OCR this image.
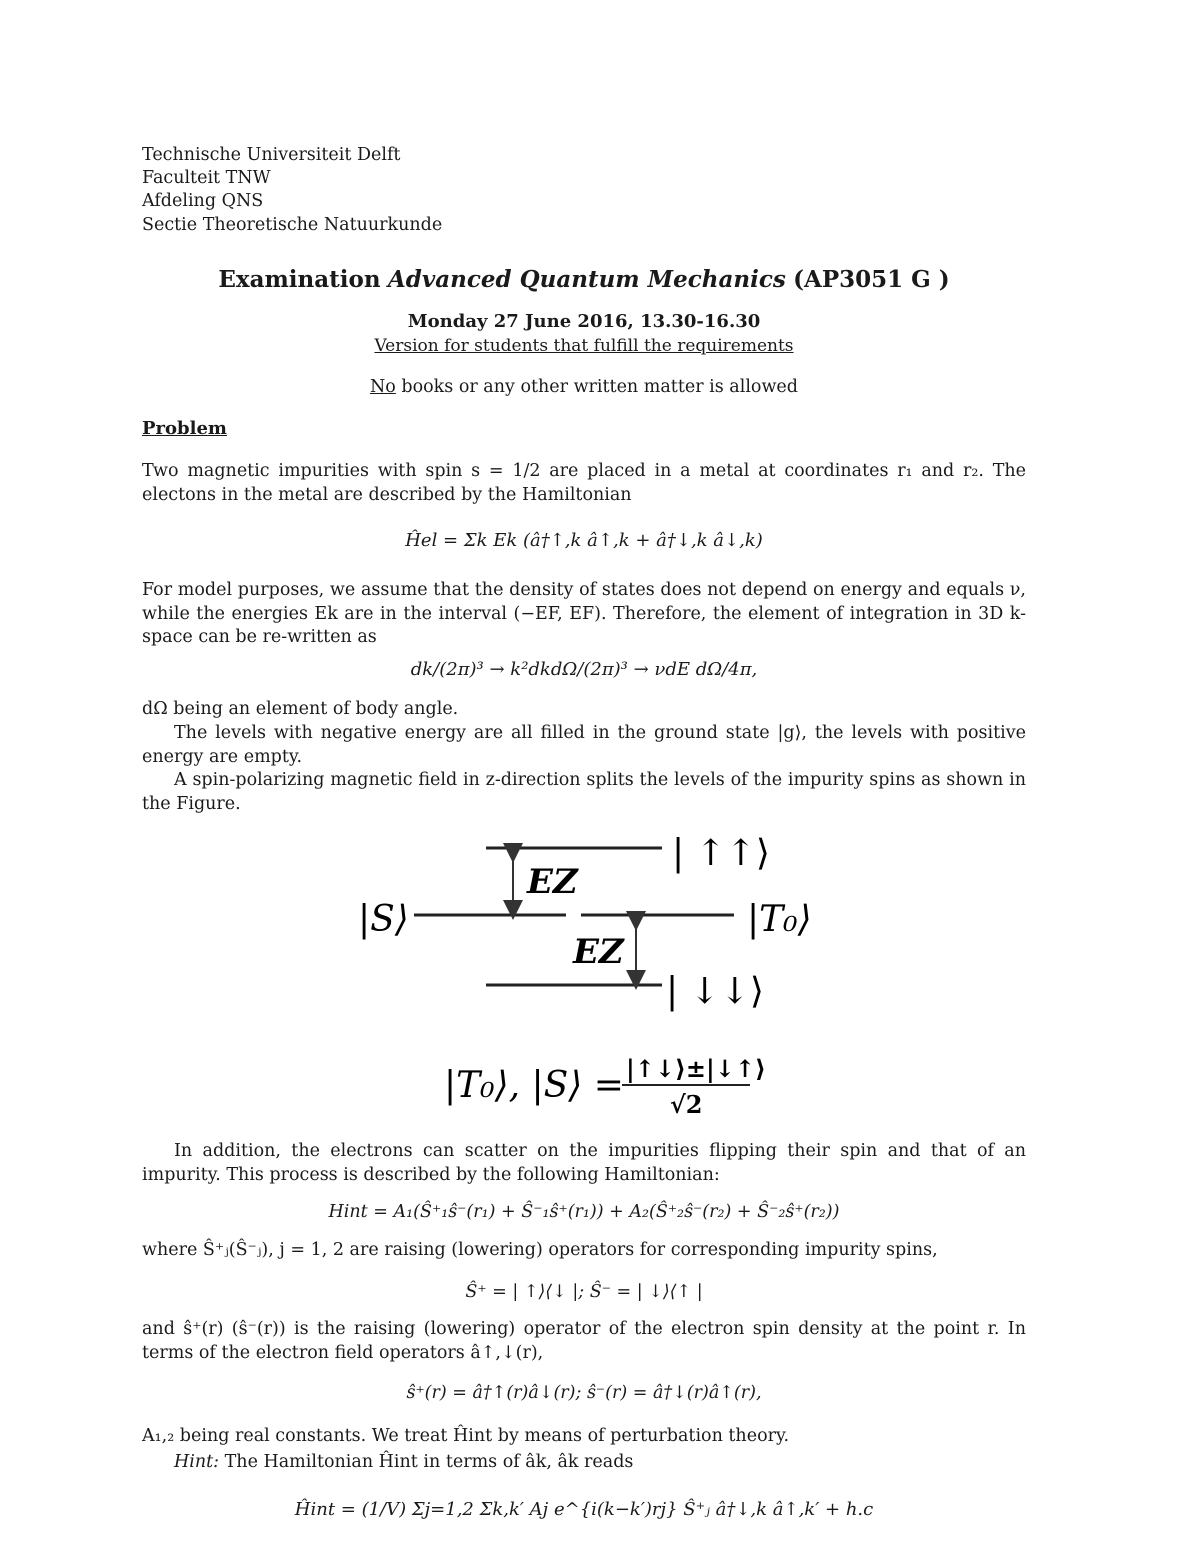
Technische Universiteit Delft
Faculteit TNW
Afdeling QNS
Sectie Theoretische Natuurkunde
Examination Advanced Quantum Mechanics (AP3051 G )
Monday 27 June 2016, 13.30-16.30
Version for students that fulfill the requirements
No books or any other written matter is allowed
Problem
Two magnetic impurities with spin s = 1/2 are placed in a metal at coordinates r₁ and r₂. The electons in the metal are described by the Hamiltonian
Ĥel = Σk Ek (â†↑,k â↑,k + â†↓,k â↓,k)
For model purposes, we assume that the density of states does not depend on energy and equals ν, while the energies Ek are in the interval (−EF, EF). Therefore, the element of integration in 3D k-space can be re-written as
dk/(2π)³ → k²dkdΩ/(2π)³ → νdE dΩ/4π,
dΩ being an element of body angle.
The levels with negative energy are all filled in the ground state |g⟩, the levels with positive energy are empty.
A spin-polarizing magnetic field in z-direction splits the levels of the impurity spins as shown in the Figure.
| ↑↑⟩
|S⟩	|T₀⟩
| ↓↓⟩
EZ
EZ
|T₀⟩, |S⟩ = |↑↓⟩±|↓↑⟩
√2
In addition, the electrons can scatter on the impurities flipping their spin and that of an impurity. This process is described by the following Hamiltonian:
Hint = A₁(Ŝ⁺₁ŝ⁻(r₁) + Ŝ⁻₁ŝ⁺(r₁)) + A₂(Ŝ⁺₂ŝ⁻(r₂) + Ŝ⁻₂ŝ⁺(r₂))
where Ŝ⁺ⱼ(Ŝ⁻ⱼ), j = 1, 2 are raising (lowering) operators for corresponding impurity spins,
Ŝ⁺ = | ↑⟩⟨↓ |; Ŝ⁻ = | ↓⟩⟨↑ |
and ŝ⁺(r) (ŝ⁻(r)) is the raising (lowering) operator of the electron spin density at the point r. In terms of the electron field operators â↑,↓(r),
ŝ⁺(r) = â†↑(r)â↓(r); ŝ⁻(r) = â†↓(r)â↑(r),
A₁,₂ being real constants. We treat Ĥint by means of perturbation theory.
Hint: The Hamiltonian Ĥint in terms of âk, âk reads
Ĥint = (1/V) Σj=1,2 Σk,k′ Aj e^{i(k−k′)rj} Ŝ⁺ⱼ â†↓,k â↑,k′ + h.c
